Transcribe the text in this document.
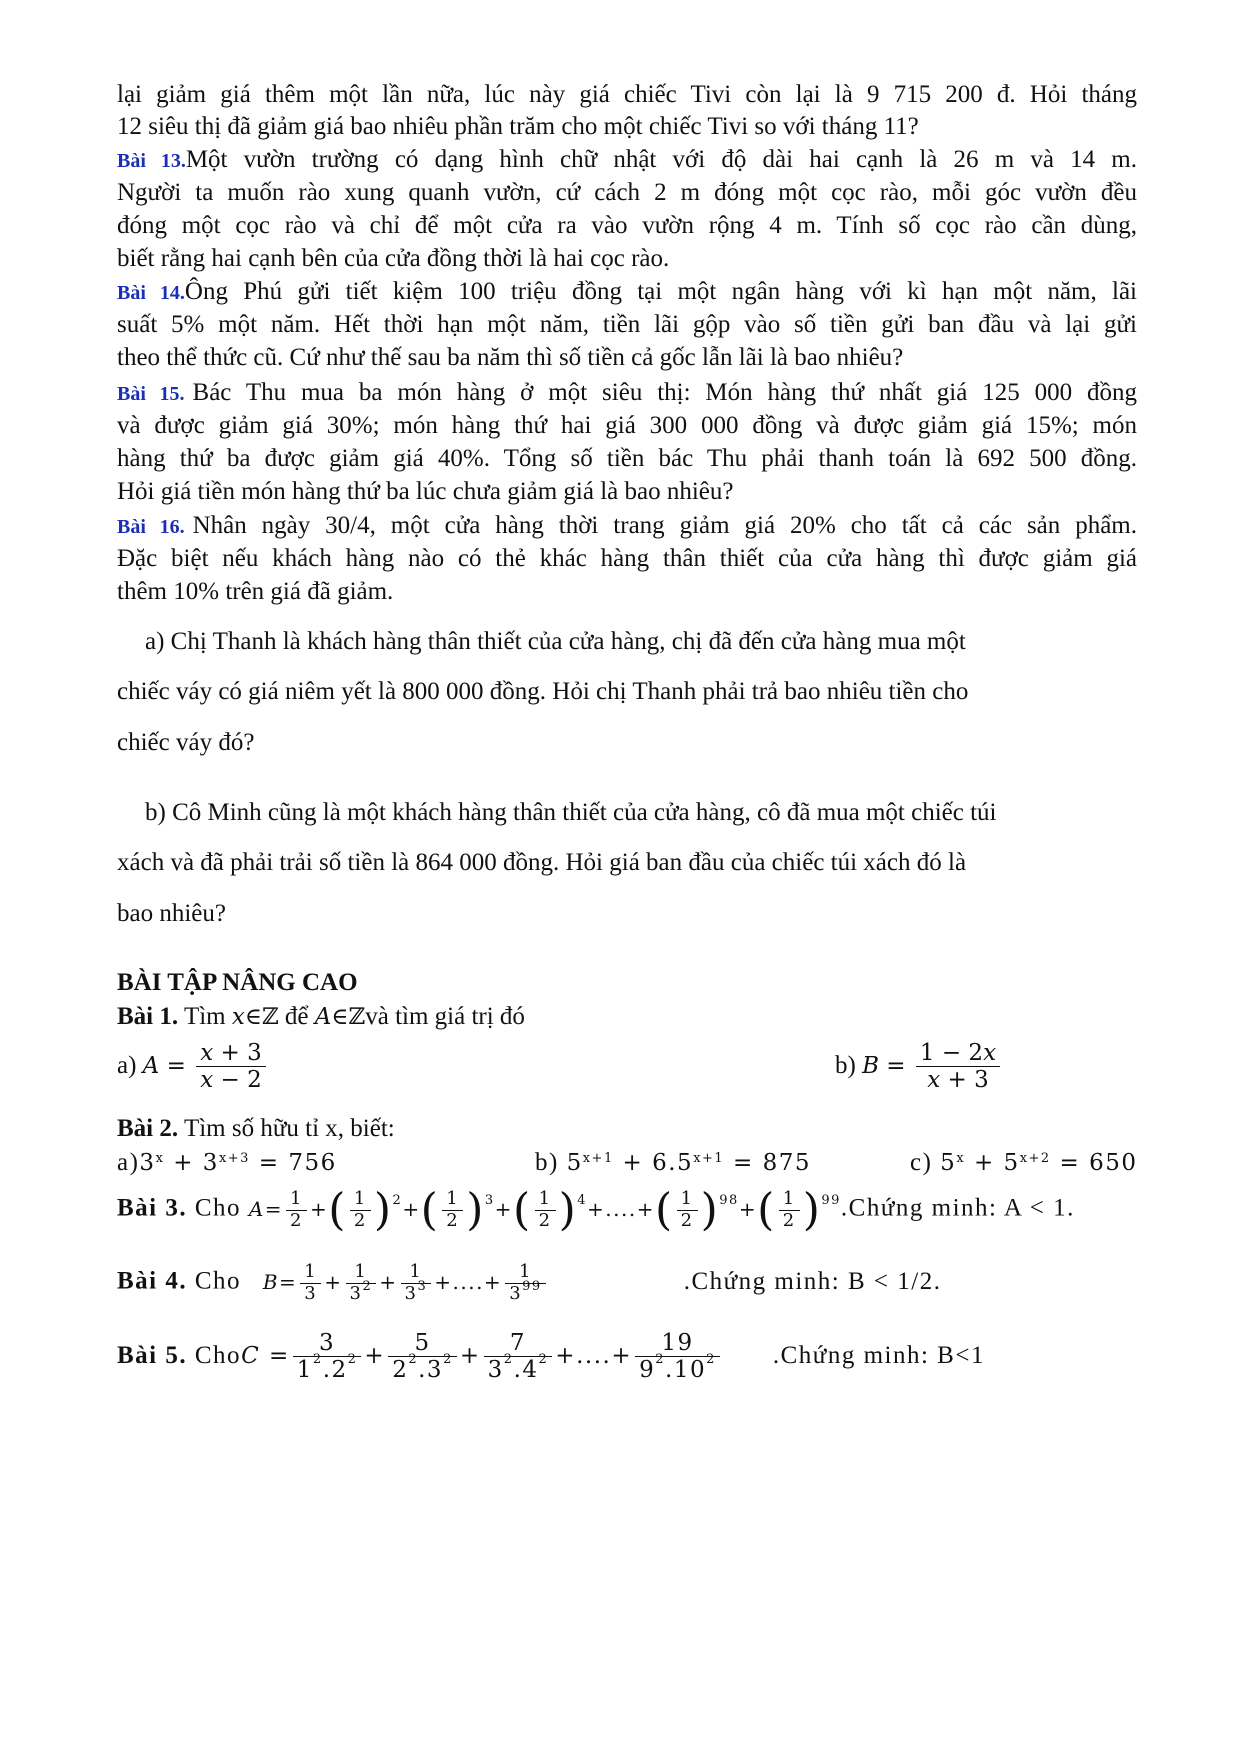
lại giảm giá thêm một lần nữa, lúc này giá chiếc Tivi còn lại là 9 715 200 đ. Hỏi tháng
12 siêu thị đã giảm giá bao nhiêu phần trăm cho một chiếc Tivi so với tháng 11?
Bài 13.Một vườn trường có dạng hình chữ nhật với độ dài hai cạnh là 26 m và 14 m.
Người ta muốn rào xung quanh vườn, cứ cách 2 m đóng một cọc rào, mỗi góc vườn đều
đóng một cọc rào và chỉ để một cửa ra vào vườn rộng 4 m. Tính số cọc rào cần dùng,
biết rằng hai cạnh bên của cửa đồng thời là hai cọc rào.
Bài 14.Ông Phú gửi tiết kiệm 100 triệu đồng tại một ngân hàng với kì hạn một năm, lãi
suất 5% một năm. Hết thời hạn một năm, tiền lãi gộp vào số tiền gửi ban đầu và lại gửi
theo thể thức cũ. Cứ như thế sau ba năm thì số tiền cả gốc lẫn lãi là bao nhiêu?
Bài 15. Bác Thu mua ba món hàng ở một siêu thị: Món hàng thứ nhất giá 125 000 đồng
và được giảm giá 30%; món hàng thứ hai giá 300 000 đồng và được giảm giá 15%; món
hàng thứ ba được giảm giá 40%. Tổng số tiền bác Thu phải thanh toán là 692 500 đồng.
Hỏi giá tiền món hàng thứ ba lúc chưa giảm giá là bao nhiêu?
Bài 16. Nhân ngày 30/4, một cửa hàng thời trang giảm giá 20% cho tất cả các sản phẩm.
Đặc biệt nếu khách hàng nào có thẻ khác hàng thân thiết của cửa hàng thì được giảm giá
thêm 10% trên giá đã giảm.
a) Chị Thanh là khách hàng thân thiết của cửa hàng, chị đã đến cửa hàng mua một
chiếc váy có giá niêm yết là 800 000 đồng. Hỏi chị Thanh phải trả bao nhiêu tiền cho
chiếc váy đó?
b) Cô Minh cũng là một khách hàng thân thiết của cửa hàng, cô đã mua một chiếc túi
xách và đã phải trải số tiền là 864 000 đồng. Hỏi giá ban đầu của chiếc túi xách đó là
bao nhiêu?
BÀI TẬP NÂNG CAO
Bài 1. Tìm x∈ℤ để A∈ℤvà tìm giá trị đó
a) $A = \frac{x + 3}{x - 2}$	b) $B = \frac{1 - 2x}{x + 3}$
Bài 2. Tìm số hữu tỉ x, biết:
$a)3^x + 3^{x+3} = 756$	b) $5^{x+1} + 6.5^{x+1} = 875$	c) $5^x + 5^{x+2} = 650$
Bài 3. Cho $A= \frac{1}{2}$ +( $\frac{1}{2} )^2+( \frac{1}{2} )^3+( \frac{1}{2} )^4+....+( \frac{1}{2} )^{98}+( \frac{1}{2}$ )$^{99}.Chứng$ minh: A < 1.
Bài 4. Cho $B= \frac{1}{3} + \frac{1}{3^2} + \frac{1}{3^3}$ +....+ $\frac{1}{3^{99}}$	.Chứng minh: B < 1/2.
Bài 5. ChoC = $\frac{3}{1^2.2^2} + \frac{5}{2^2.3^2} + \frac{7}{3^2.4^2}$ +....+ $\frac{19}{9^2.10^2}$ .Chứng minh: B<1
